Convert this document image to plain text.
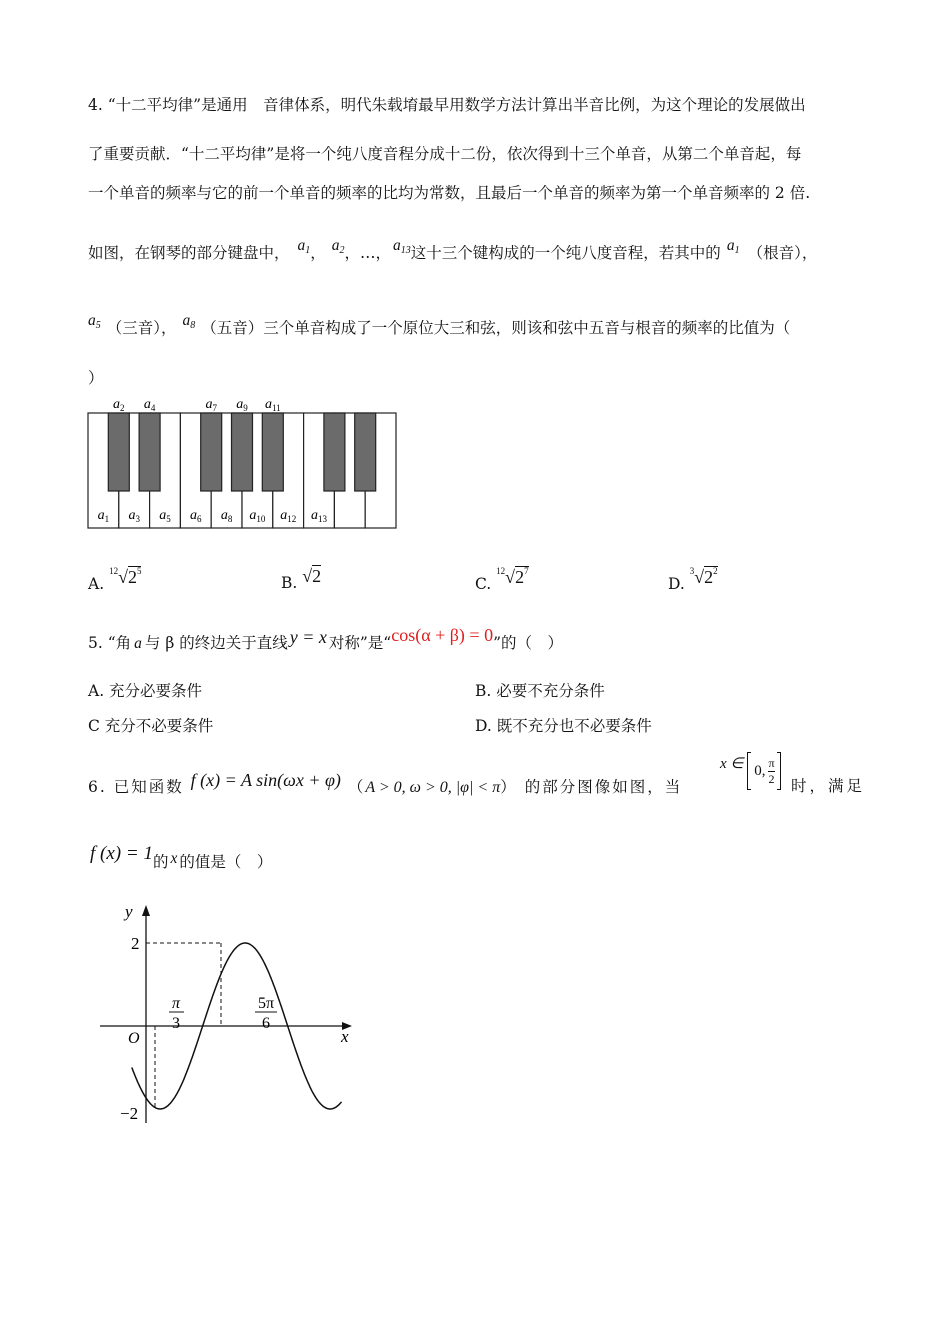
4. “十二平均律”是通用　音律体系，明代朱载堉最早用数学方法计算出半音比例，为这个理论的发展做出
了重要贡献．“十二平均律”是将一个纯八度音程分成十二份，依次得到十三个单音，从第二个单音起，每
一个单音的频率与它的前一个单音的频率的比均为常数，且最后一个单音的频率为第一个单音频率的 2 倍.
如图，在钢琴的部分键盘中， $a_1$， $a_2$，…， $a_{13}$这十三个键构成的一个纯八度音程，若其中的 $a_1$ （根音），
$a_5$ （三音）， $a_8$ （五音）三个单音构成了一个原位大三和弦，则该和弦中五音与根音的频率的比值为（
）
$a_2$ $a_4$	$a_7$ $a_9$ $a_{11}$
$a_1$ $a_3$ $a_5$ $a_6$ $a_8$ $a_{10}$ $a_{12}$ $a_{13}$
A. $^{12}√2^5$
B. √2	C. $^{12}√2^7$
D. $^3√2^2$
5. “角 a 与 β 的终边关于直线 y = x 对称”是“cos(α + β) = 0”的（　）
A. 充分必要条件	B. 必要不充分条件
C 充分不必要条件	D. 既不充分也不必要条件
6. 已知函数 f (x) = A sin(ωx + φ) （A > 0, ω > 0, |φ| < π） 的部分图像如图，当
x ∈ 0, $\frac{\pi}{2}$ 时，满足
f (x) = 1的 x 的值是（　）
x
y
O
2
−2
π
3
5π
6
